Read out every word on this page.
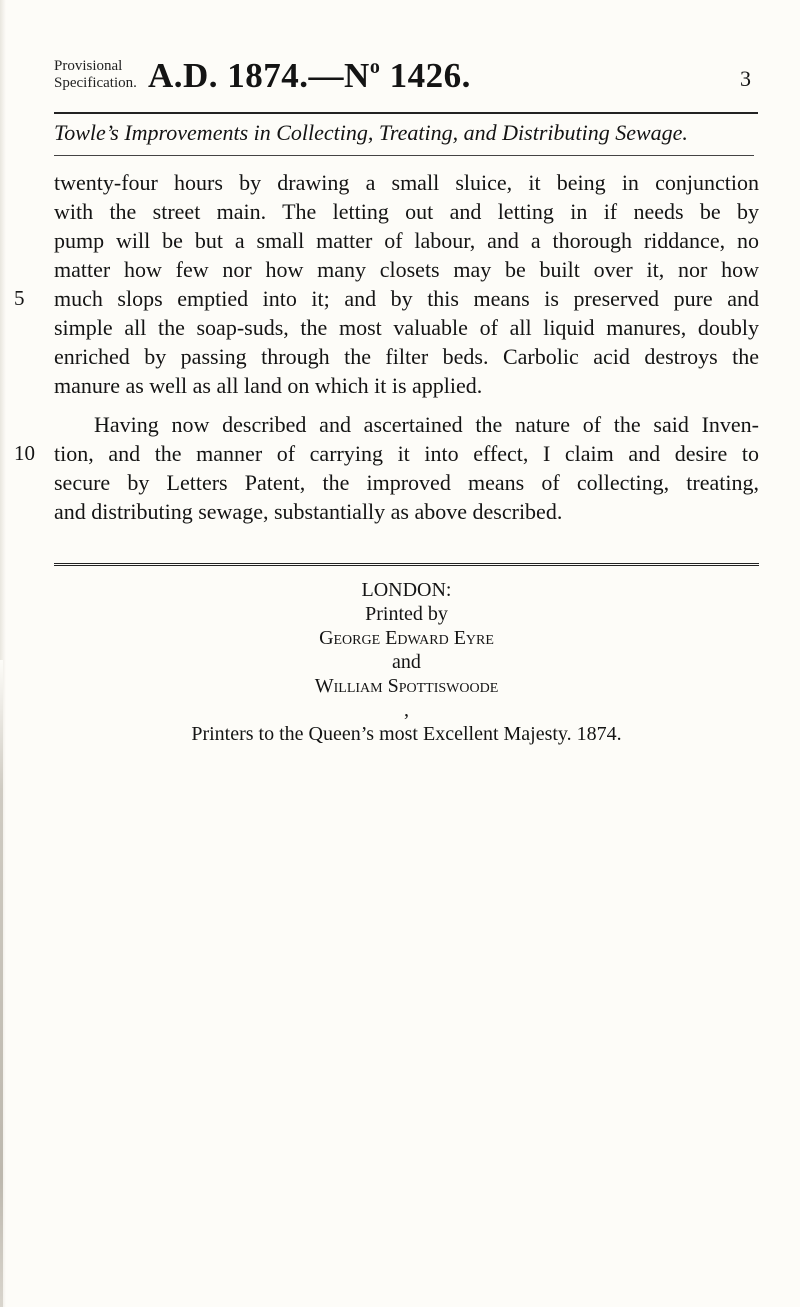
Provisional
Specification. A.D. $1874.—N^o$ 1426.	3
Towle’s Improvements in Collecting, Treating, and Distributing Sewage.
twenty-four hours by drawing a small sluice, it being in conjunction
with the street main. The letting out and letting in if needs be by
pump will be but a small matter of labour, and a thorough riddance, no
matter how few nor how many closets may be built over it, nor how
5 much slops emptied into it; and by this means is preserved pure and
simple all the soap-suds, the most valuable of all liquid manures, doubly
enriched by passing through the filter beds. Carbolic acid destroys the
manure as well as all land on which it is applied.
Having now described and ascertained the nature of the said Inven-
10 tion, and the manner of carrying it into effect, I claim and desire to
secure by Letters Patent, the improved means of collecting, treating,
and distributing sewage, substantially as above described.
LONDON:
Printed by
George Edward Eyre
and
William Spottiswoode
,
Printers to the Queen’s most Excellent Majesty. 1874.
